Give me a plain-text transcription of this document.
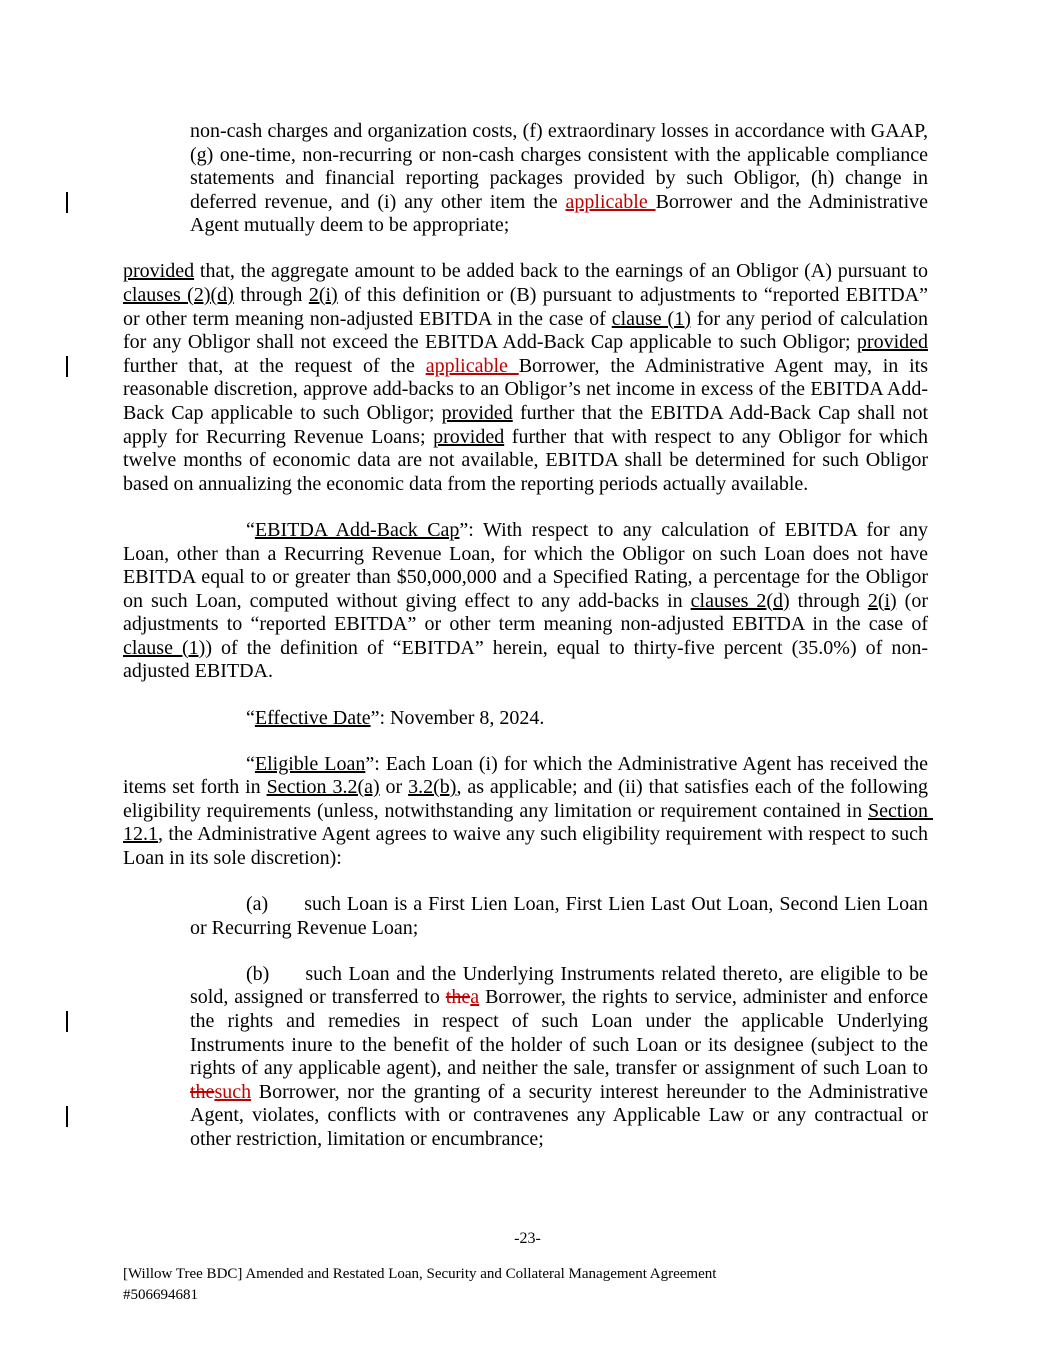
non-cash charges and organization costs, (f) extraordinary losses in accordance with GAAP, (g) one-time, non-recurring or non-cash charges consistent with the applicable compliance statements and financial reporting packages provided by such Obligor, (h) change in deferred revenue, and (i) any other item the applicable Borrower and the Administrative Agent mutually deem to be appropriate;

provided that, the aggregate amount to be added back to the earnings of an Obligor (A) pursuant to clauses (2)(d) through 2(i) of this definition or (B) pursuant to adjustments to “reported EBITDA” or other term meaning non-adjusted EBITDA in the case of clause (1) for any period of calculation for any Obligor shall not exceed the EBITDA Add-Back Cap applicable to such Obligor; provided further that, at the request of the applicable Borrower, the Administrative Agent may, in its reasonable discretion, approve add-backs to an Obligor’s net income in excess of the EBITDA Add-Back Cap applicable to such Obligor; provided further that the EBITDA Add-Back Cap shall not apply for Recurring Revenue Loans; provided further that with respect to any Obligor for which twelve months of economic data are not available, EBITDA shall be determined for such Obligor based on annualizing the economic data from the reporting periods actually available.

“EBITDA Add-Back Cap”: With respect to any calculation of EBITDA for any Loan, other than a Recurring Revenue Loan, for which the Obligor on such Loan does not have EBITDA equal to or greater than $50,000,000 and a Specified Rating, a percentage for the Obligor on such Loan, computed without giving effect to any add-backs in clauses 2(d) through 2(i) (or adjustments to “reported EBITDA” or other term meaning non-adjusted EBITDA in the case of clause (1)) of the definition of “EBITDA” herein, equal to thirty-five percent (35.0%) of non-adjusted EBITDA.

“Effective Date”: November 8, 2024.

“Eligible Loan”: Each Loan (i) for which the Administrative Agent has received the items set forth in Section 3.2(a) or 3.2(b), as applicable; and (ii) that satisfies each of the following eligibility requirements (unless, notwithstanding any limitation or requirement contained in Section 12.1, the Administrative Agent agrees to waive any such eligibility requirement with respect to such Loan in its sole discretion):

(a) such Loan is a First Lien Loan, First Lien Last Out Loan, Second Lien Loan or Recurring Revenue Loan;

(b) such Loan and the Underlying Instruments related thereto, are eligible to be sold, assigned or transferred to thea Borrower, the rights to service, administer and enforce the rights and remedies in respect of such Loan under the applicable Underlying Instruments inure to the benefit of the holder of such Loan or its designee (subject to the rights of any applicable agent), and neither the sale, transfer or assignment of such Loan to thesuch Borrower, nor the granting of a security interest hereunder to the Administrative Agent, violates, conflicts with or contravenes any Applicable Law or any contractual or other restriction, limitation or encumbrance;

-23-
[Willow Tree BDC] Amended and Restated Loan, Security and Collateral Management Agreement
#506694681
